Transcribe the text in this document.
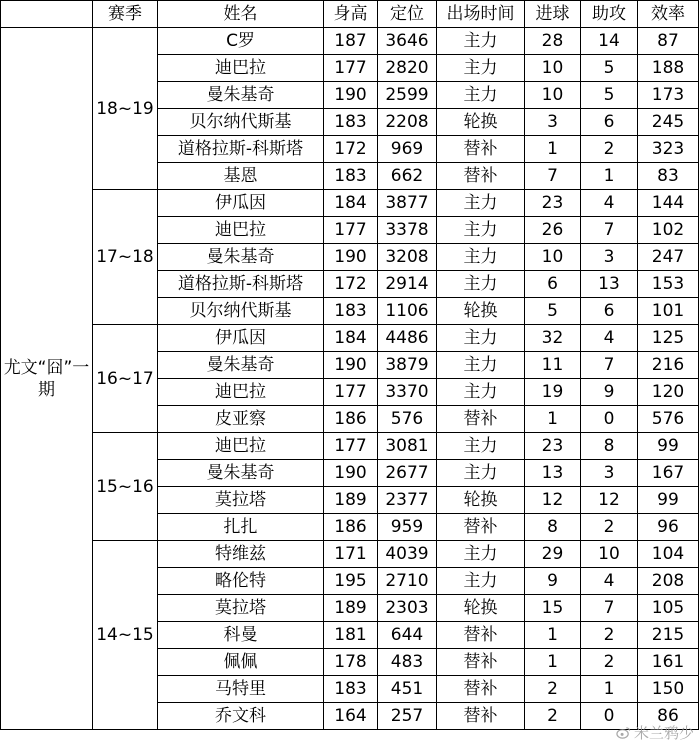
	赛季	姓名	身高	定位	出场时间	进球	助攻	效率
尤文“囧”一期	18~19	C罗	187	3646	主力	28	14	87
		迪巴拉	177	2820	主力	10	5	188
		曼朱基奇	190	2599	主力	10	5	173
		贝尔纳代斯基	183	2208	轮换	3	6	245
		道格拉斯-科斯塔	172	969	替补	1	2	323
		基恩	183	662	替补	7	1	83
	17~18	伊瓜因	184	3877	主力	23	4	144
		迪巴拉	177	3378	主力	26	7	102
		曼朱基奇	190	3208	主力	10	3	247
		道格拉斯-科斯塔	172	2914	主力	6	13	153
		贝尔纳代斯基	183	1106	轮换	5	6	101
	16~17	伊瓜因	184	4486	主力	32	4	125
		曼朱基奇	190	3879	主力	11	7	216
		迪巴拉	177	3370	主力	19	9	120
		皮亚察	186	576	替补	1	0	576
	15~16	迪巴拉	177	3081	主力	23	8	99
		曼朱基奇	190	2677	主力	13	3	167
		莫拉塔	189	2377	轮换	12	12	99
		扎扎	186	959	替补	8	2	96
	14~15	特维兹	171	4039	主力	29	10	104
		略伦特	195	2710	主力	9	4	208
		莫拉塔	189	2303	轮换	15	7	105
		科曼	181	644	替补	1	2	215
		佩佩	178	483	替补	1	2	161
		马特里	183	451	替补	2	1	150
		乔文科	164	257	替补	2	0	86
米兰鸦少
